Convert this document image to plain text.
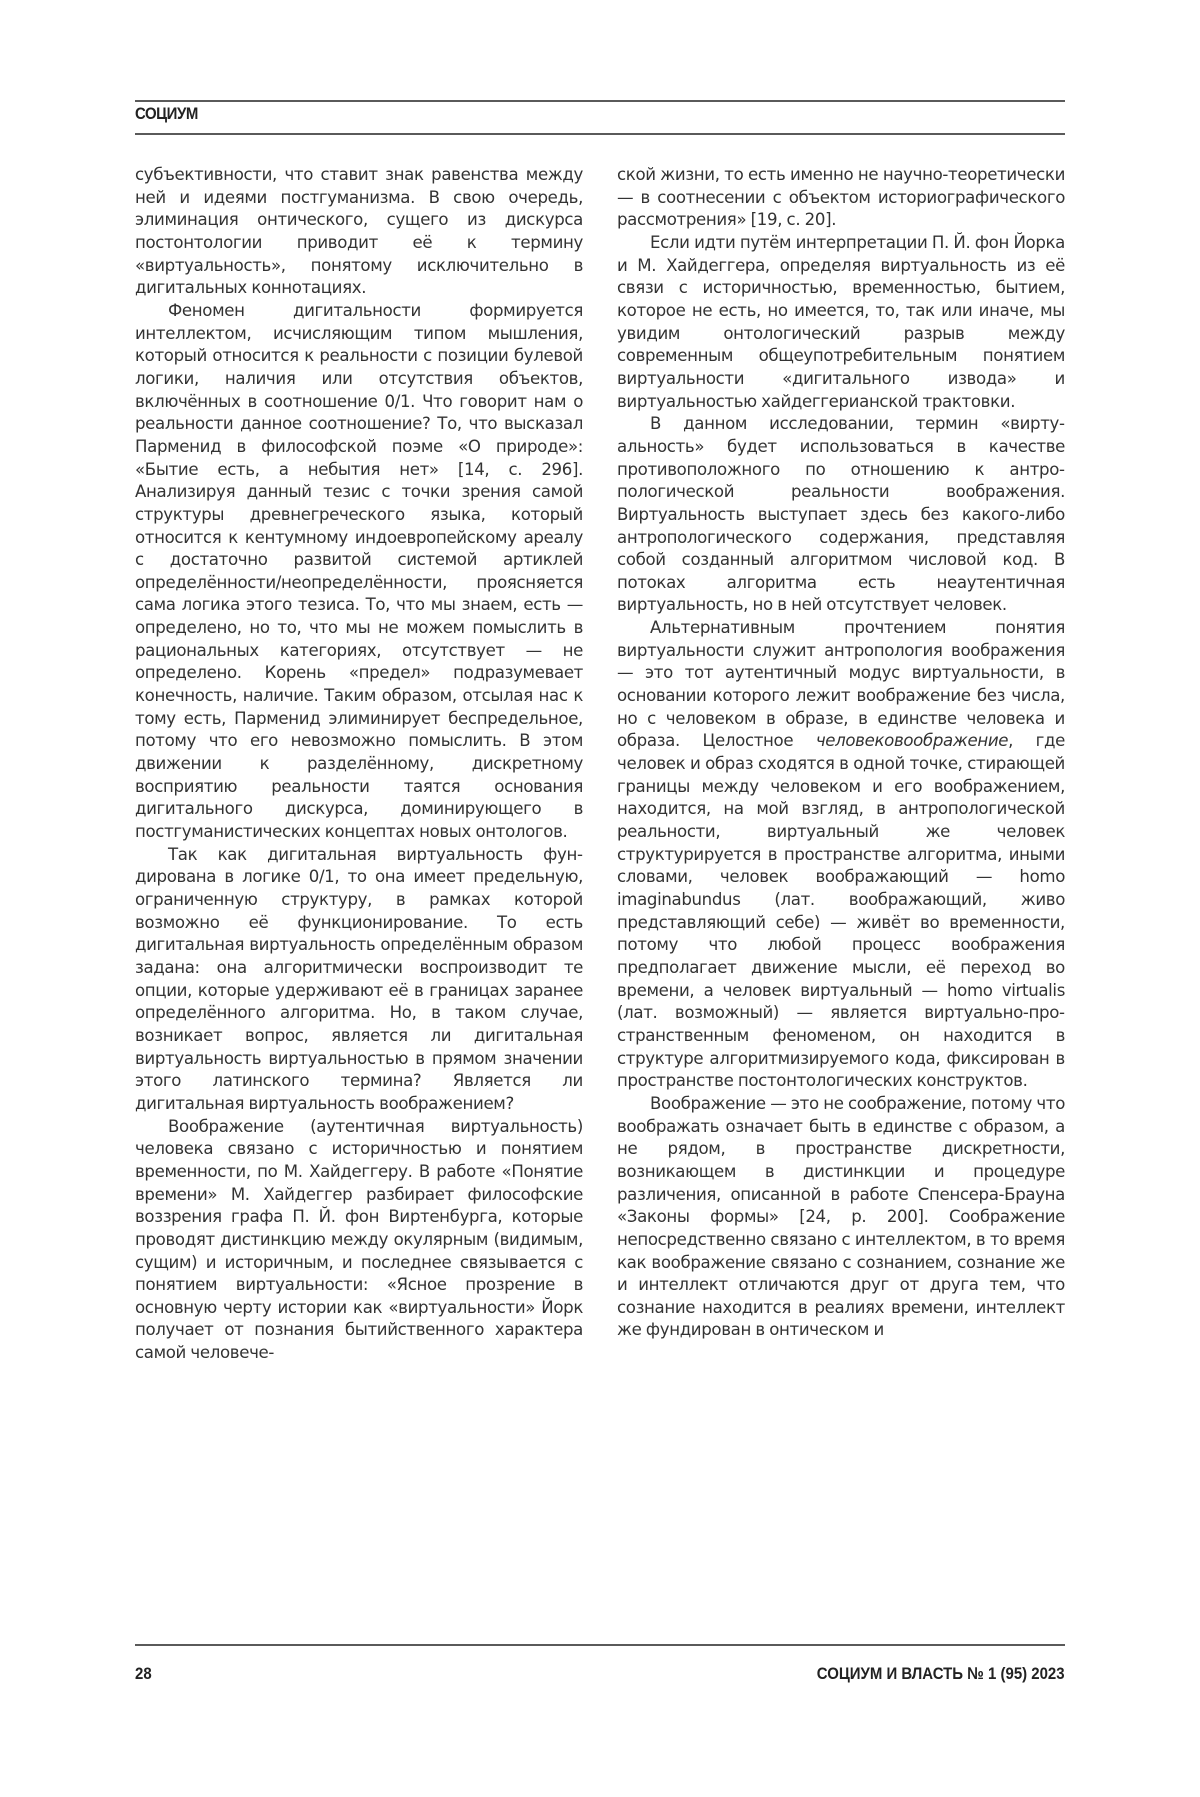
СОЦИУМ

субъективности, что ставит знак равенства между ней и идеями постгуманизма. В свою очередь, элиминация онтического, сущего из дискурса постонтологии приводит её к термину «виртуальность», понятому исключительно в дигитальных коннотациях.

Феномен дигитальности формируется интеллектом, исчисляющим типом мышления, который относится к реальности с позиции булевой логики, наличия или отсутствия объектов, включённых в соотношение 0/1. Что говорит нам о реальности данное соотношение? То, что высказал Парменид в философской поэме «О природе»: «Бытие есть, а небытия нет» [14, с. 296]. Анализируя данный тезис с точки зрения самой структуры древнегреческого языка, который относится к кентумному индоевропейскому ареалу с достаточно развитой системой артиклей определённости/неопределённости, проясняется сама логика этого тезиса. То, что мы знаем, есть — определено, но то, что мы не можем помыслить в рациональных категориях, отсутствует — не определено. Корень «предел» подразумевает конечность, наличие. Таким образом, отсылая нас к тому есть, Парменид элиминирует беспредельное, потому что его невозможно помыслить. В этом движении к разделённому, дискретному восприятию реальности таятся основания дигитального дискурса, доминирующего в постгуманистических концептах новых онтологов.

Так как дигитальная виртуальность фундирована в логике 0/1, то она имеет предельную, ограниченную структуру, в рамках которой возможно её функционирование. То есть дигитальная виртуальность определённым образом задана: она алгоритмически воспроизводит те опции, которые удерживают её в границах заранее определённого алгоритма. Но, в таком случае, возникает вопрос, является ли дигитальная виртуальность виртуальностью в прямом значении этого латинского термина? Является ли дигитальная виртуальность воображением?

Воображение (аутентичная виртуальность) человека связано с историчностью и понятием временности, по М. Хайдеггеру. В работе «Понятие времени» М. Хайдеггер разбирает философские воззрения графа П. Й. фон Виртенбурга, которые проводят дистинкцию между окулярным (видимым, сущим) и историчным, и последнее связывается с понятием виртуальности: «Ясное прозрение в основную черту истории как «виртуальности» Йорк получает от познания бытийственного характера самой человече-

ской жизни, то есть именно не научно-теоретически — в соотнесении с объектом историографического рассмотрения» [19, с. 20].

Если идти путём интерпретации П. Й. фон Йорка и М. Хайдеггера, определяя виртуальность из её связи с историчностью, временностью, бытием, которое не есть, но имеется, то, так или иначе, мы увидим онтологический разрыв между современным общеупотребительным понятием виртуальности «дигитального извода» и виртуальностью хайдеггерианской трактовки.

В данном исследовании, термин «виртуальность» будет использоваться в качестве противоположного по отношению к антропологической реальности воображения. Виртуальность выступает здесь без какого-либо антропологического содержания, представляя собой созданный алгоритмом числовой код. В потоках алгоритма есть неаутентичная виртуальность, но в ней отсутствует человек.

Альтернативным прочтением понятия виртуальности служит антропология воображения — это тот аутентичный модус виртуальности, в основании которого лежит воображение без числа, но с человеком в образе, в единстве человека и образа. Целостное человековоображение, где человек и образ сходятся в одной точке, стирающей границы между человеком и его воображением, находится, на мой взгляд, в антропологической реальности, виртуальный же человек структурируется в пространстве алгоритма, иными словами, человек воображающий — homo imaginabundus (лат. воображающий, живо представляющий себе) — живёт во временности, потому что любой процесс воображения предполагает движение мысли, её переход во времени, а человек виртуальный — homo virtualis (лат. возможный) — является виртуально-пространственным феноменом, он находится в структуре алгоритмизируемого кода, фиксирован в пространстве постонтологических конструктов.

Воображение — это не соображение, потому что воображать означает быть в единстве с образом, а не рядом, в пространстве дискретности, возникающем в дистинкции и процедуре различения, описанной в работе Спенсера-Брауна «Законы формы» [24, р. 200]. Соображение непосредственно связано с интеллектом, в то время как воображение связано с сознанием, сознание же и интеллект отличаются друг от друга тем, что сознание находится в реалиях времени, интеллект же фундирован в онтическом и

28	СОЦИУМ И ВЛАСТЬ № 1 (95) 2023
